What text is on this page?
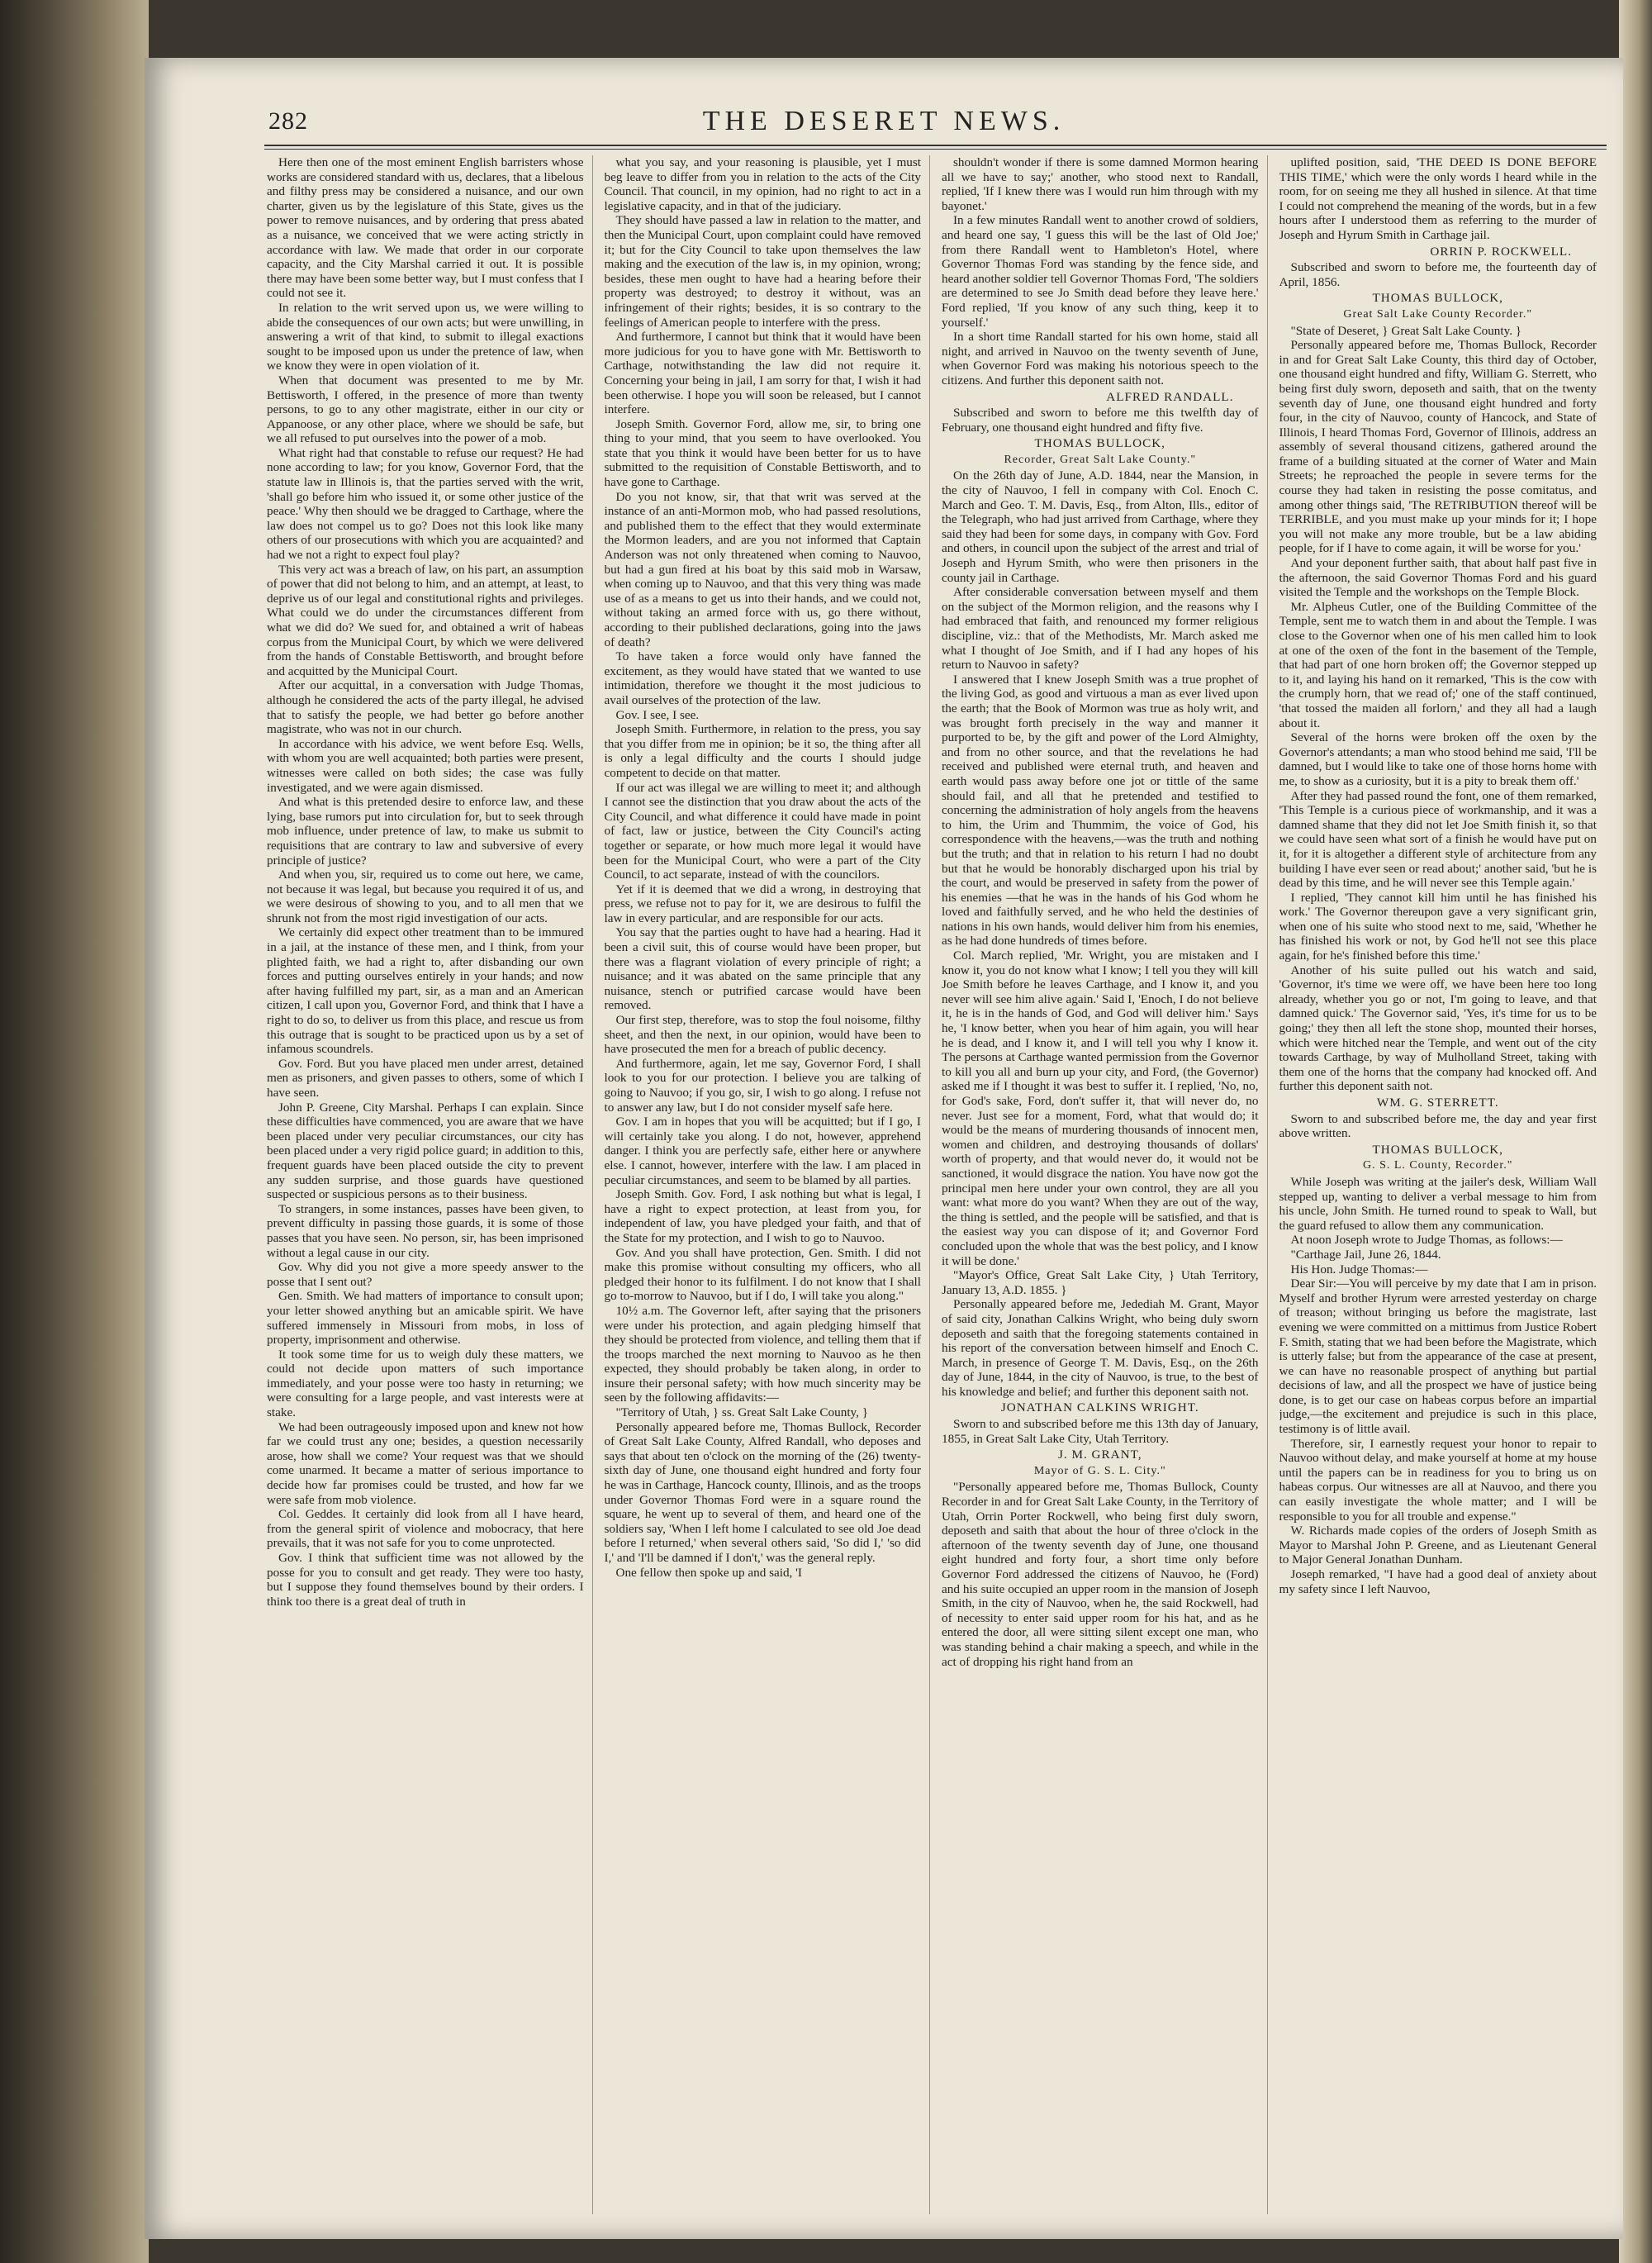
282	THE DESERET NEWS.

Here then one of the most eminent English barristers whose works are considered standard with us, declares, that a libelous and filthy press may be considered a nuisance, and our own charter, given us by the legislature of this State, gives us the power to remove nuisances, and by ordering that press abated as a nuisance, we conceived that we were acting strictly in accordance with law. We made that order in our corporate capacity, and the City Marshal carried it out. It is possible there may have been some better way, but I must confess that I could not see it.

In relation to the writ served upon us, we were willing to abide the consequences of our own acts; but were unwilling, in answering a writ of that kind, to submit to illegal exactions sought to be imposed upon us under the pretence of law, when we know they were in open violation of it.

When that document was presented to me by Mr. Bettisworth, I offered, in the presence of more than twenty persons, to go to any other magistrate, either in our city or Appanoose, or any other place, where we should be safe, but we all refused to put ourselves into the power of a mob.

What right had that constable to refuse our request? He had none according to law; for you know, Governor Ford, that the statute law in Illinois is, that the parties served with the writ, 'shall go before him who issued it, or some other justice of the peace.' Why then should we be dragged to Carthage, where the law does not compel us to go? Does not this look like many others of our prosecutions with which you are acquainted? and had we not a right to expect foul play?

This very act was a breach of law, on his part, an assumption of power that did not belong to him, and an attempt, at least, to deprive us of our legal and constitutional rights and privileges. What could we do under the circumstances different from what we did do? We sued for, and obtained a writ of habeas corpus from the Municipal Court, by which we were delivered from the hands of Constable Bettisworth, and brought before and acquitted by the Municipal Court.

After our acquittal, in a conversation with Judge Thomas, although he considered the acts of the party illegal, he advised that to satisfy the people, we had better go before another magistrate, who was not in our church.

In accordance with his advice, we went before Esq. Wells, with whom you are well acquainted; both parties were present, witnesses were called on both sides; the case was fully investigated, and we were again dismissed.

And what is this pretended desire to enforce law, and these lying, base rumors put into circulation for, but to seek through mob influence, under pretence of law, to make us submit to requisitions that are contrary to law and subversive of every principle of justice?

And when you, sir, required us to come out here, we came, not because it was legal, but because you required it of us, and we were desirous of showing to you, and to all men that we shrunk not from the most rigid investigation of our acts.

We certainly did expect other treatment than to be immured in a jail, at the instance of these men, and I think, from your plighted faith, we had a right to, after disbanding our own forces and putting ourselves entirely in your hands; and now after having fulfilled my part, sir, as a man and an American citizen, I call upon you, Governor Ford, and think that I have a right to do so, to deliver us from this place, and rescue us from this outrage that is sought to be practiced upon us by a set of infamous scoundrels.

Gov. Ford. But you have placed men under arrest, detained men as prisoners, and given passes to others, some of which I have seen.

John P. Greene, City Marshal. Perhaps I can explain. Since these difficulties have commenced, you are aware that we have been placed under very peculiar circumstances, our city has been placed under a very rigid police guard; in addition to this, frequent guards have been placed outside the city to prevent any sudden surprise, and those guards have questioned suspected or suspicious persons as to their business.

To strangers, in some instances, passes have been given, to prevent difficulty in passing those guards, it is some of those passes that you have seen. No person, sir, has been imprisoned without a legal cause in our city.

Gov. Why did you not give a more speedy answer to the posse that I sent out?

Gen. Smith. We had matters of importance to consult upon; your letter showed anything but an amicable spirit. We have suffered immensely in Missouri from mobs, in loss of property, imprisonment and otherwise.

It took some time for us to weigh duly these matters, we could not decide upon matters of such importance immediately, and your posse were too hasty in returning; we were consulting for a large people, and vast interests were at stake.

We had been outrageously imposed upon and knew not how far we could trust any one; besides, a question necessarily arose, how shall we come? Your request was that we should come unarmed. It became a matter of serious importance to decide how far promises could be trusted, and how far we were safe from mob violence.

Col. Geddes. It certainly did look from all I have heard, from the general spirit of violence and mobocracy, that here prevails, that it was not safe for you to come unprotected.

Gov. I think that sufficient time was not allowed by the posse for you to consult and get ready. They were too hasty, but I suppose they found themselves bound by their orders. I think too there is a great deal of truth in

what you say, and your reasoning is plausible, yet I must beg leave to differ from you in relation to the acts of the City Council. That council, in my opinion, had no right to act in a legislative capacity, and in that of the judiciary.

They should have passed a law in relation to the matter, and then the Municipal Court, upon complaint could have removed it; but for the City Council to take upon themselves the law making and the execution of the law is, in my opinion, wrong; besides, these men ought to have had a hearing before their property was destroyed; to destroy it without, was an infringement of their rights; besides, it is so contrary to the feelings of American people to interfere with the press.

And furthermore, I cannot but think that it would have been more judicious for you to have gone with Mr. Bettisworth to Carthage, notwithstanding the law did not require it. Concerning your being in jail, I am sorry for that, I wish it had been otherwise. I hope you will soon be released, but I cannot interfere.

Joseph Smith. Governor Ford, allow me, sir, to bring one thing to your mind, that you seem to have overlooked. You state that you think it would have been better for us to have submitted to the requisition of Constable Bettisworth, and to have gone to Carthage.

Do you not know, sir, that that writ was served at the instance of an anti-Mormon mob, who had passed resolutions, and published them to the effect that they would exterminate the Mormon leaders, and are you not informed that Captain Anderson was not only threatened when coming to Nauvoo, but had a gun fired at his boat by this said mob in Warsaw, when coming up to Nauvoo, and that this very thing was made use of as a means to get us into their hands, and we could not, without taking an armed force with us, go there without, according to their published declarations, going into the jaws of death?

To have taken a force would only have fanned the excitement, as they would have stated that we wanted to use intimidation, therefore we thought it the most judicious to avail ourselves of the protection of the law.

Gov. I see, I see.

Joseph Smith. Furthermore, in relation to the press, you say that you differ from me in opinion; be it so, the thing after all is only a legal difficulty and the courts I should judge competent to decide on that matter.

If our act was illegal we are willing to meet it; and although I cannot see the distinction that you draw about the acts of the City Council, and what difference it could have made in point of fact, law or justice, between the City Council's acting together or separate, or how much more legal it would have been for the Municipal Court, who were a part of the City Council, to act separate, instead of with the councilors.

Yet if it is deemed that we did a wrong, in destroying that press, we refuse not to pay for it, we are desirous to fulfil the law in every particular, and are responsible for our acts.

You say that the parties ought to have had a hearing. Had it been a civil suit, this of course would have been proper, but there was a flagrant violation of every principle of right; a nuisance; and it was abated on the same principle that any nuisance, stench or putrified carcase would have been removed.

Our first step, therefore, was to stop the foul noisome, filthy sheet, and then the next, in our opinion, would have been to have prosecuted the men for a breach of public decency.

And furthermore, again, let me say, Governor Ford, I shall look to you for our protection. I believe you are talking of going to Nauvoo; if you go, sir, I wish to go along. I refuse not to answer any law, but I do not consider myself safe here.

Gov. I am in hopes that you will be acquitted; but if I go, I will certainly take you along. I do not, however, apprehend danger. I think you are perfectly safe, either here or anywhere else. I cannot, however, interfere with the law. I am placed in peculiar circumstances, and seem to be blamed by all parties.

Joseph Smith. Gov. Ford, I ask nothing but what is legal, I have a right to expect protection, at least from you, for independent of law, you have pledged your faith, and that of the State for my protection, and I wish to go to Nauvoo.

Gov. And you shall have protection, Gen. Smith. I did not make this promise without consulting my officers, who all pledged their honor to its fulfilment. I do not know that I shall go to-morrow to Nauvoo, but if I do, I will take you along."

10½ a.m. The Governor left, after saying that the prisoners were under his protection, and again pledging himself that they should be protected from violence, and telling them that if the troops marched the next morning to Nauvoo as he then expected, they should probably be taken along, in order to insure their personal safety; with how much sincerity may be seen by the following affidavits:—

"Territory of Utah, } ss. Great Salt Lake County, }

Personally appeared before me, Thomas Bullock, Recorder of Great Salt Lake County, Alfred Randall, who deposes and says that about ten o'clock on the morning of the (26) twenty-sixth day of June, one thousand eight hundred and forty four he was in Carthage, Hancock county, Illinois, and as the troops under Governor Thomas Ford were in a square round the square, he went up to several of them, and heard one of the soldiers say, 'When I left home I calculated to see old Joe dead before I returned,' when several others said, 'So did I,' 'so did I,' and 'I'll be damned if I don't,' was the general reply.

One fellow then spoke up and said, 'I

shouldn't wonder if there is some damned Mormon hearing all we have to say;' another, who stood next to Randall, replied, 'If I knew there was I would run him through with my bayonet.'

In a few minutes Randall went to another crowd of soldiers, and heard one say, 'I guess this will be the last of Old Joe;' from there Randall went to Hambleton's Hotel, where Governor Thomas Ford was standing by the fence side, and heard another soldier tell Governor Thomas Ford, 'The soldiers are determined to see Jo Smith dead before they leave here.' Ford replied, 'If you know of any such thing, keep it to yourself.'

In a short time Randall started for his own home, staid all night, and arrived in Nauvoo on the twenty seventh of June, when Governor Ford was making his notorious speech to the citizens. And further this deponent saith not.

ALFRED RANDALL.

Subscribed and sworn to before me this twelfth day of February, one thousand eight hundred and fifty five.

THOMAS BULLOCK,

Recorder, Great Salt Lake County."

On the 26th day of June, A.D. 1844, near the Mansion, in the city of Nauvoo, I fell in company with Col. Enoch C. March and Geo. T. M. Davis, Esq., from Alton, Ills., editor of the Telegraph, who had just arrived from Carthage, where they said they had been for some days, in company with Gov. Ford and others, in council upon the subject of the arrest and trial of Joseph and Hyrum Smith, who were then prisoners in the county jail in Carthage.

After considerable conversation between myself and them on the subject of the Mormon religion, and the reasons why I had embraced that faith, and renounced my former religious discipline, viz.: that of the Methodists, Mr. March asked me what I thought of Joe Smith, and if I had any hopes of his return to Nauvoo in safety?

I answered that I knew Joseph Smith was a true prophet of the living God, as good and virtuous a man as ever lived upon the earth; that the Book of Mormon was true as holy writ, and was brought forth precisely in the way and manner it purported to be, by the gift and power of the Lord Almighty, and from no other source, and that the revelations he had received and published were eternal truth, and heaven and earth would pass away before one jot or tittle of the same should fail, and all that he pretended and testified to concerning the administration of holy angels from the heavens to him, the Urim and Thummim, the voice of God, his correspondence with the heavens,—was the truth and nothing but the truth; and that in relation to his return I had no doubt but that he would be honorably discharged upon his trial by the court, and would be preserved in safety from the power of his enemies —that he was in the hands of his God whom he loved and faithfully served, and he who held the destinies of nations in his own hands, would deliver him from his enemies, as he had done hundreds of times before.

Col. March replied, 'Mr. Wright, you are mistaken and I know it, you do not know what I know; I tell you they will kill Joe Smith before he leaves Carthage, and I know it, and you never will see him alive again.' Said I, 'Enoch, I do not believe it, he is in the hands of God, and God will deliver him.' Says he, 'I know better, when you hear of him again, you will hear he is dead, and I know it, and I will tell you why I know it. The persons at Carthage wanted permission from the Governor to kill you all and burn up your city, and Ford, (the Governor) asked me if I thought it was best to suffer it. I replied, 'No, no, for God's sake, Ford, don't suffer it, that will never do, no never. Just see for a moment, Ford, what that would do; it would be the means of murdering thousands of innocent men, women and children, and destroying thousands of dollars' worth of property, and that would never do, it would not be sanctioned, it would disgrace the nation. You have now got the principal men here under your own control, they are all you want: what more do you want? When they are out of the way, the thing is settled, and the people will be satisfied, and that is the easiest way you can dispose of it; and Governor Ford concluded upon the whole that was the best policy, and I know it will be done.'

"Mayor's Office, Great Salt Lake City, } Utah Territory, January 13, A.D. 1855. }

Personally appeared before me, Jedediah M. Grant, Mayor of said city, Jonathan Calkins Wright, who being duly sworn deposeth and saith that the foregoing statements contained in his report of the conversation between himself and Enoch C. March, in presence of George T. M. Davis, Esq., on the 26th day of June, 1844, in the city of Nauvoo, is true, to the best of his knowledge and belief; and further this deponent saith not.

JONATHAN CALKINS WRIGHT.

Sworn to and subscribed before me this 13th day of January, 1855, in Great Salt Lake City, Utah Territory.

J. M. GRANT,

Mayor of G. S. L. City."

"Personally appeared before me, Thomas Bullock, County Recorder in and for Great Salt Lake County, in the Territory of Utah, Orrin Porter Rockwell, who being first duly sworn, deposeth and saith that about the hour of three o'clock in the afternoon of the twenty seventh day of June, one thousand eight hundred and forty four, a short time only before Governor Ford addressed the citizens of Nauvoo, he (Ford) and his suite occupied an upper room in the mansion of Joseph Smith, in the city of Nauvoo, when he, the said Rockwell, had of necessity to enter said upper room for his hat, and as he entered the door, all were sitting silent except one man, who was standing behind a chair making a speech, and while in the act of dropping his right hand from an

uplifted position, said, 'THE DEED IS DONE BEFORE THIS TIME,' which were the only words I heard while in the room, for on seeing me they all hushed in silence. At that time I could not comprehend the meaning of the words, but in a few hours after I understood them as referring to the murder of Joseph and Hyrum Smith in Carthage jail.

ORRIN P. ROCKWELL.

Subscribed and sworn to before me, the fourteenth day of April, 1856.

THOMAS BULLOCK,

Great Salt Lake County Recorder."

"State of Deseret, } Great Salt Lake County. }

Personally appeared before me, Thomas Bullock, Recorder in and for Great Salt Lake County, this third day of October, one thousand eight hundred and fifty, William G. Sterrett, who being first duly sworn, deposeth and saith, that on the twenty seventh day of June, one thousand eight hundred and forty four, in the city of Nauvoo, county of Hancock, and State of Illinois, I heard Thomas Ford, Governor of Illinois, address an assembly of several thousand citizens, gathered around the frame of a building situated at the corner of Water and Main Streets; he reproached the people in severe terms for the course they had taken in resisting the posse comitatus, and among other things said, 'The RETRIBUTION thereof will be TERRIBLE, and you must make up your minds for it; I hope you will not make any more trouble, but be a law abiding people, for if I have to come again, it will be worse for you.'

And your deponent further saith, that about half past five in the afternoon, the said Governor Thomas Ford and his guard visited the Temple and the workshops on the Temple Block.

Mr. Alpheus Cutler, one of the Building Committee of the Temple, sent me to watch them in and about the Temple. I was close to the Governor when one of his men called him to look at one of the oxen of the font in the basement of the Temple, that had part of one horn broken off; the Governor stepped up to it, and laying his hand on it remarked, 'This is the cow with the crumply horn, that we read of;' one of the staff continued, 'that tossed the maiden all forlorn,' and they all had a laugh about it.

Several of the horns were broken off the oxen by the Governor's attendants; a man who stood behind me said, 'I'll be damned, but I would like to take one of those horns home with me, to show as a curiosity, but it is a pity to break them off.'

After they had passed round the font, one of them remarked, 'This Temple is a curious piece of workmanship, and it was a damned shame that they did not let Joe Smith finish it, so that we could have seen what sort of a finish he would have put on it, for it is altogether a different style of architecture from any building I have ever seen or read about;' another said, 'but he is dead by this time, and he will never see this Temple again.'

I replied, 'They cannot kill him until he has finished his work.' The Governor thereupon gave a very significant grin, when one of his suite who stood next to me, said, 'Whether he has finished his work or not, by God he'll not see this place again, for he's finished before this time.'

Another of his suite pulled out his watch and said, 'Governor, it's time we were off, we have been here too long already, whether you go or not, I'm going to leave, and that damned quick.' The Governor said, 'Yes, it's time for us to be going;' they then all left the stone shop, mounted their horses, which were hitched near the Temple, and went out of the city towards Carthage, by way of Mulholland Street, taking with them one of the horns that the company had knocked off. And further this deponent saith not.

WM. G. STERRETT.

Sworn to and subscribed before me, the day and year first above written.

THOMAS BULLOCK,

G. S. L. County, Recorder."

While Joseph was writing at the jailer's desk, William Wall stepped up, wanting to deliver a verbal message to him from his uncle, John Smith. He turned round to speak to Wall, but the guard refused to allow them any communication.

At noon Joseph wrote to Judge Thomas, as follows:—

"Carthage Jail, June 26, 1844.

His Hon. Judge Thomas:—

Dear Sir:—You will perceive by my date that I am in prison. Myself and brother Hyrum were arrested yesterday on charge of treason; without bringing us before the magistrate, last evening we were committed on a mittimus from Justice Robert F. Smith, stating that we had been before the Magistrate, which is utterly false; but from the appearance of the case at present, we can have no reasonable prospect of anything but partial decisions of law, and all the prospect we have of justice being done, is to get our case on habeas corpus before an impartial judge,—the excitement and prejudice is such in this place, testimony is of little avail.

Therefore, sir, I earnestly request your honor to repair to Nauvoo without delay, and make yourself at home at my house until the papers can be in readiness for you to bring us on habeas corpus. Our witnesses are all at Nauvoo, and there you can easily investigate the whole matter; and I will be responsible to you for all trouble and expense."

W. Richards made copies of the orders of Joseph Smith as Mayor to Marshal John P. Greene, and as Lieutenant General to Major General Jonathan Dunham.

Joseph remarked, "I have had a good deal of anxiety about my safety since I left Nauvoo,
